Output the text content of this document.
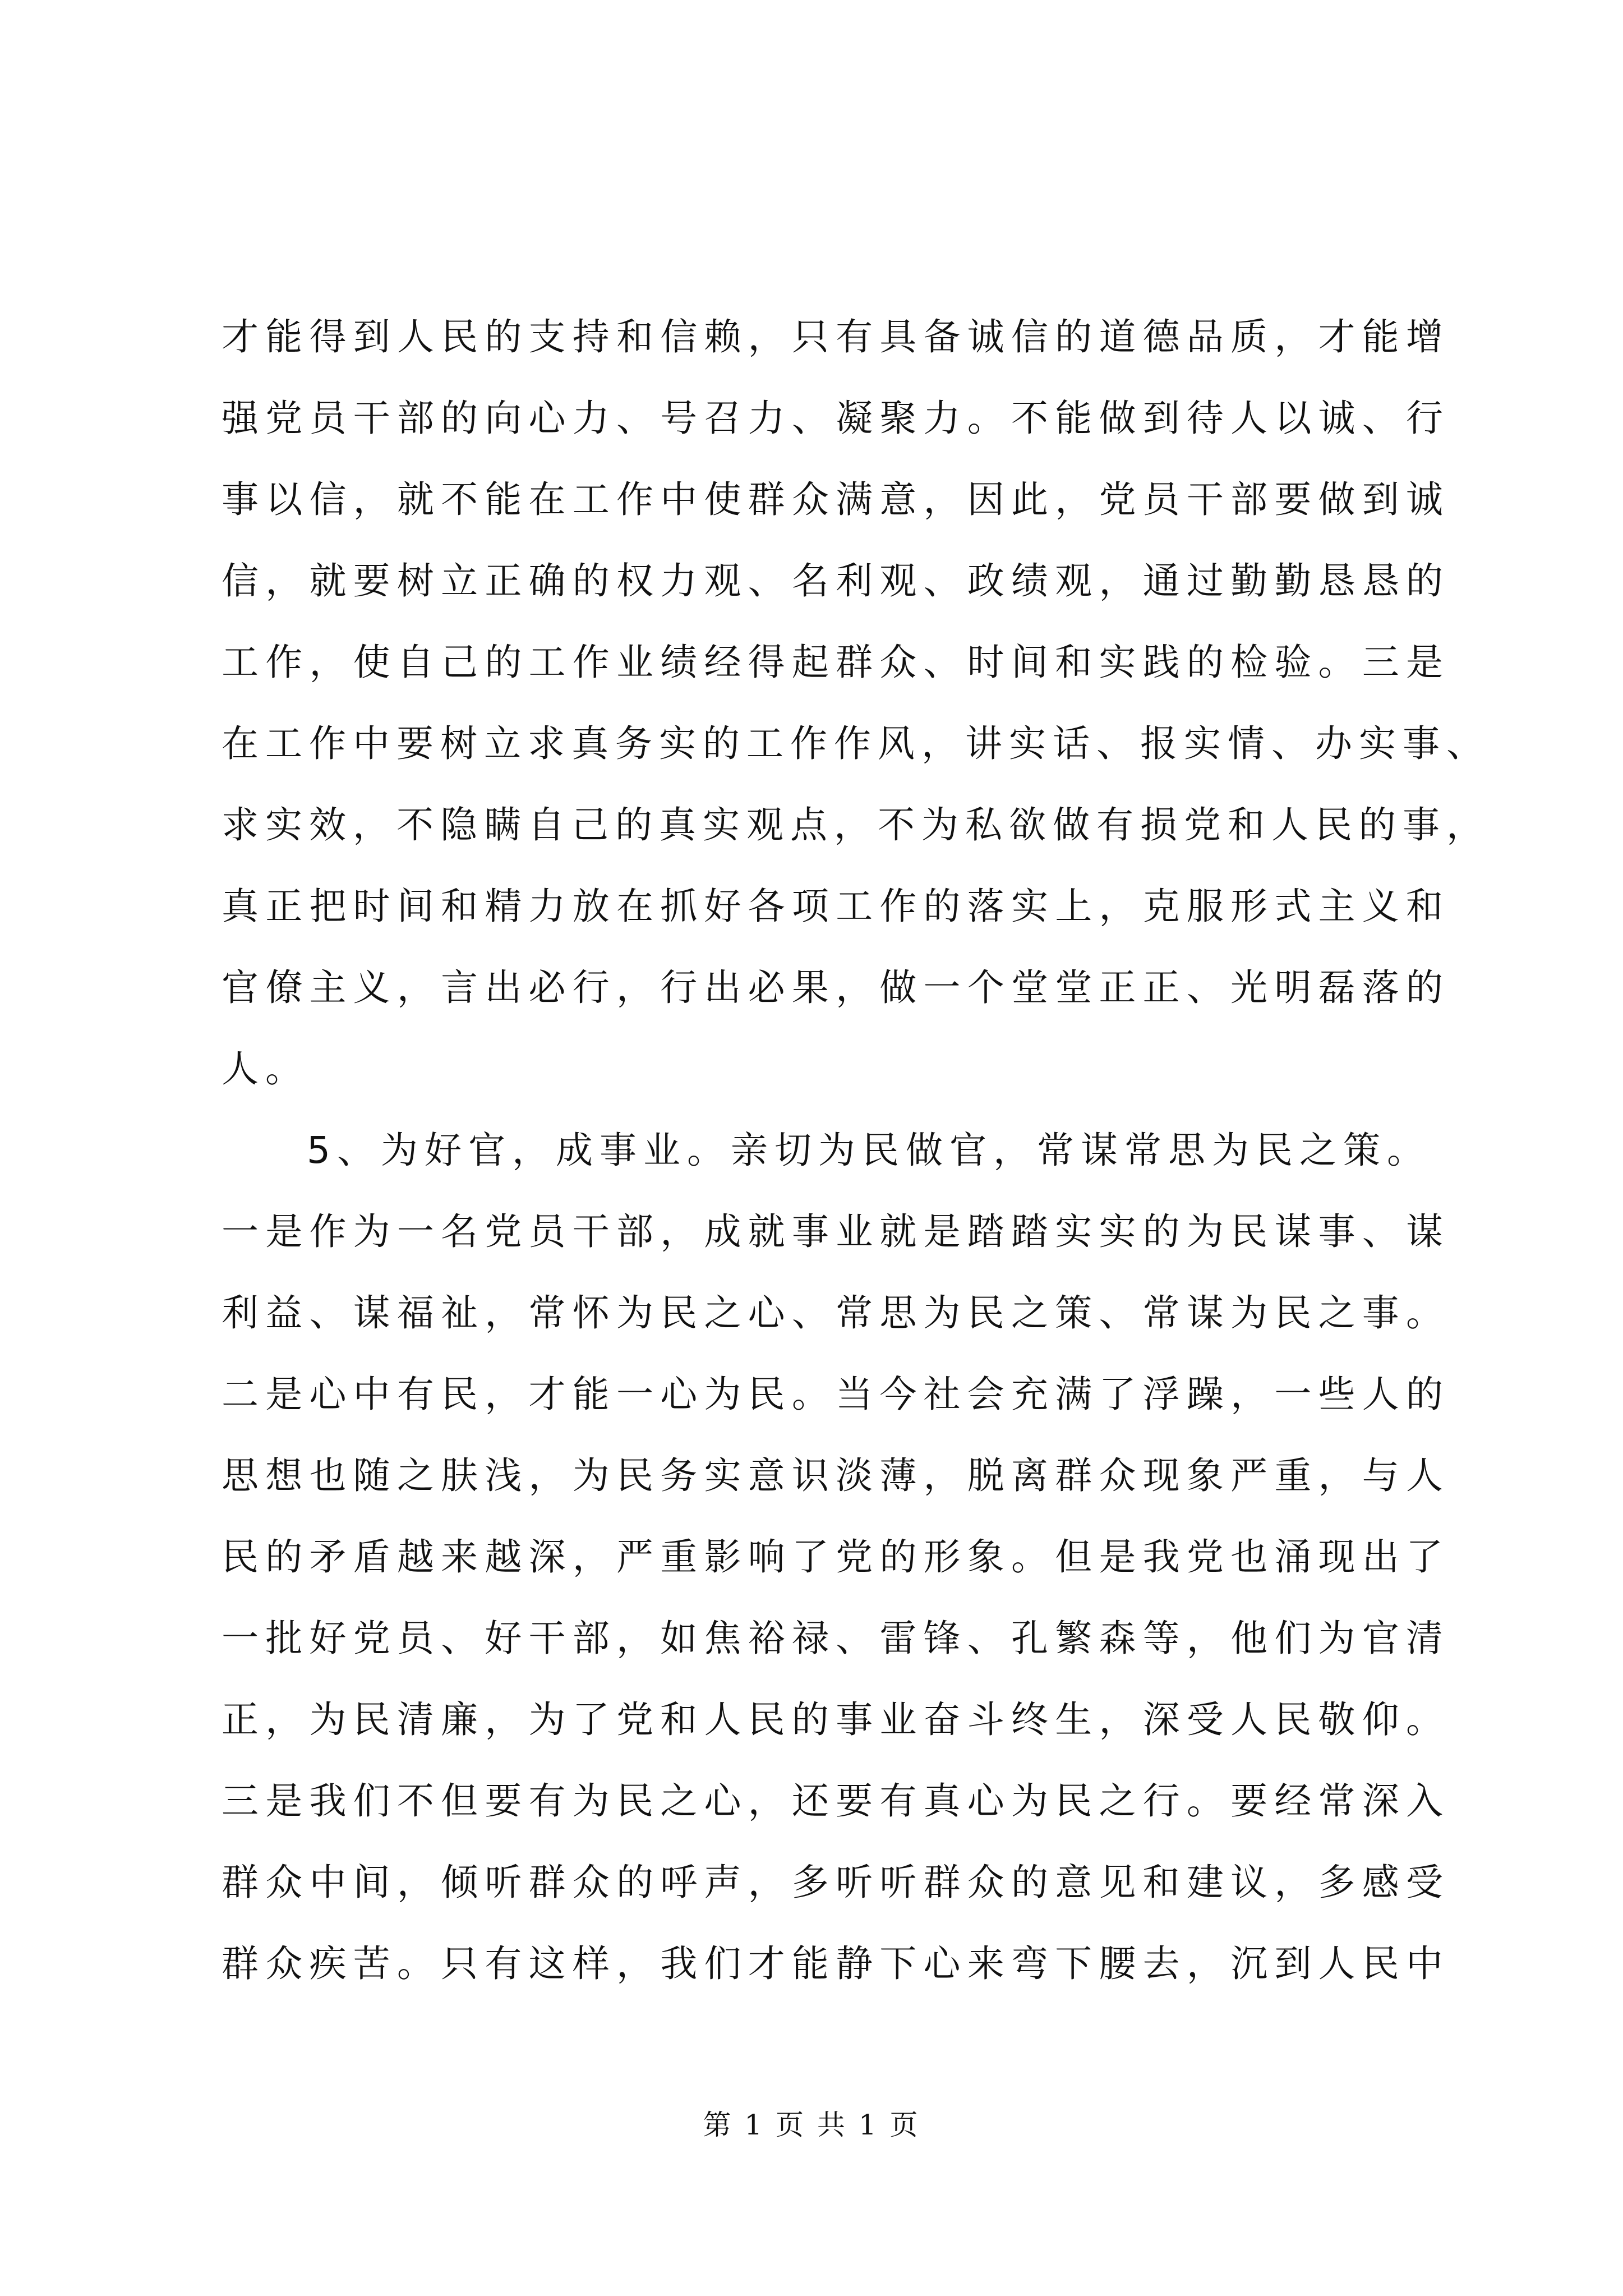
才能得到人民的支持和信赖，只有具备诚信的道德品质，才能增
强党员干部的向心力、号召力、凝聚力。不能做到待人以诚、行
事以信，就不能在工作中使群众满意，因此，党员干部要做到诚
信，就要树立正确的权力观、名利观、政绩观，通过勤勤恳恳的
工作，使自己的工作业绩经得起群众、时间和实践的检验。三是
在工作中要树立求真务实的工作作风，讲实话、报实情、办实事、
求实效，不隐瞒自己的真实观点，不为私欲做有损党和人民的事，
真正把时间和精力放在抓好各项工作的落实上，克服形式主义和
官僚主义，言出必行，行出必果，做一个堂堂正正、光明磊落的
人。
5、为好官，成事业。亲切为民做官，常谋常思为民之策。
一是作为一名党员干部，成就事业就是踏踏实实的为民谋事、谋
利益、谋福祉，常怀为民之心、常思为民之策、常谋为民之事。
二是心中有民，才能一心为民。当今社会充满了浮躁，一些人的
思想也随之肤浅，为民务实意识淡薄，脱离群众现象严重，与人
民的矛盾越来越深，严重影响了党的形象。但是我党也涌现出了
一批好党员、好干部，如焦裕禄、雷锋、孔繁森等，他们为官清
正，为民清廉，为了党和人民的事业奋斗终生，深受人民敬仰。
三是我们不但要有为民之心，还要有真心为民之行。要经常深入
群众中间，倾听群众的呼声，多听听群众的意见和建议，多感受
群众疾苦。只有这样，我们才能静下心来弯下腰去，沉到人民中
第 1 页 共 1 页
